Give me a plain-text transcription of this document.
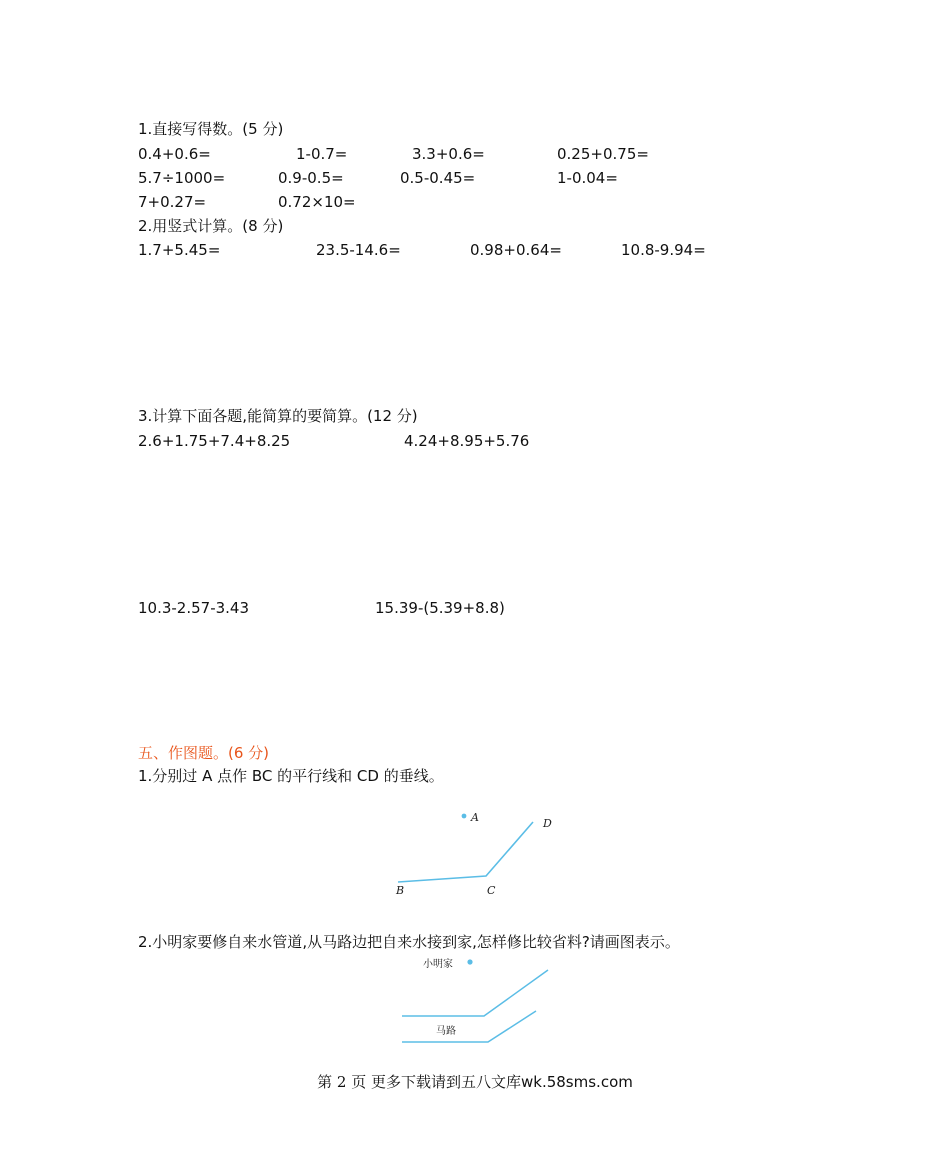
1.直接写得数。(5 分)
0.4+0.6=	1-0.7=	3.3+0.6=	0.25+0.75=
5.7÷1000=	0.9-0.5=	0.5-0.45=	1-0.04=
7+0.27=	0.72×10=
2.用竖式计算。(8 分)
1.7+5.45=	23.5-14.6=	0.98+0.64=	10.8-9.94=
3.计算下面各题,能简算的要简算。(12 分)
2.6+1.75+7.4+8.25	4.24+8.95+5.76
10.3-2.57-3.43	15.39-(5.39+8.8)
五、作图题。(6 分)
1.分别过 A 点作 BC 的平行线和 CD 的垂线。
A	D
B	C
2.小明家要修自来水管道,从马路边把自来水接到家,怎样修比较省料?请画图表示。
小明家
马路
第 2 页 更多下载请到五八文库wk.58sms.com
